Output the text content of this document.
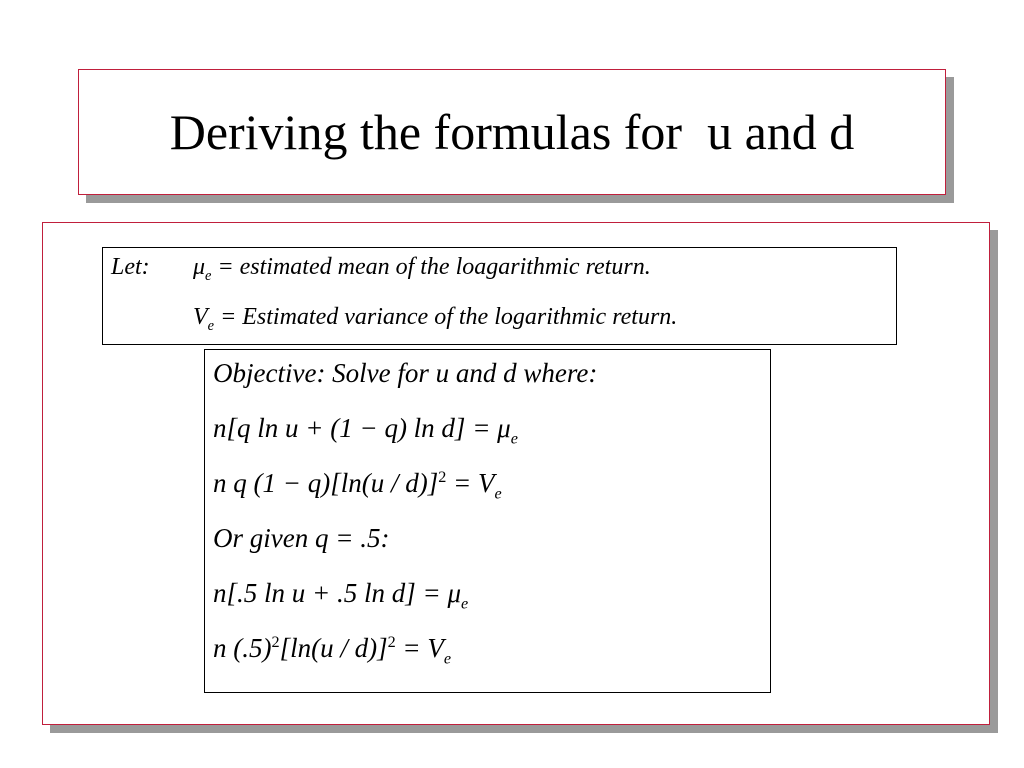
Deriving the formulas for  u and d
Let: $\mu_e$ = estimated mean of the loagarithmic return.
$V_e$ = Estimated variance of the logarithmic return.
Objective: Solve for u and d where:
n[q ln u + (1 − q) $\ln d] = \mu_e$
n q $(1 - q)[\ln(u / d)]^2 = V_e$
Or given q = .5:
n[.5 ln u + .5 $\ln d] = \mu_e$
n $(.5)^2[\ln(u / d)]^2 = V_e$
